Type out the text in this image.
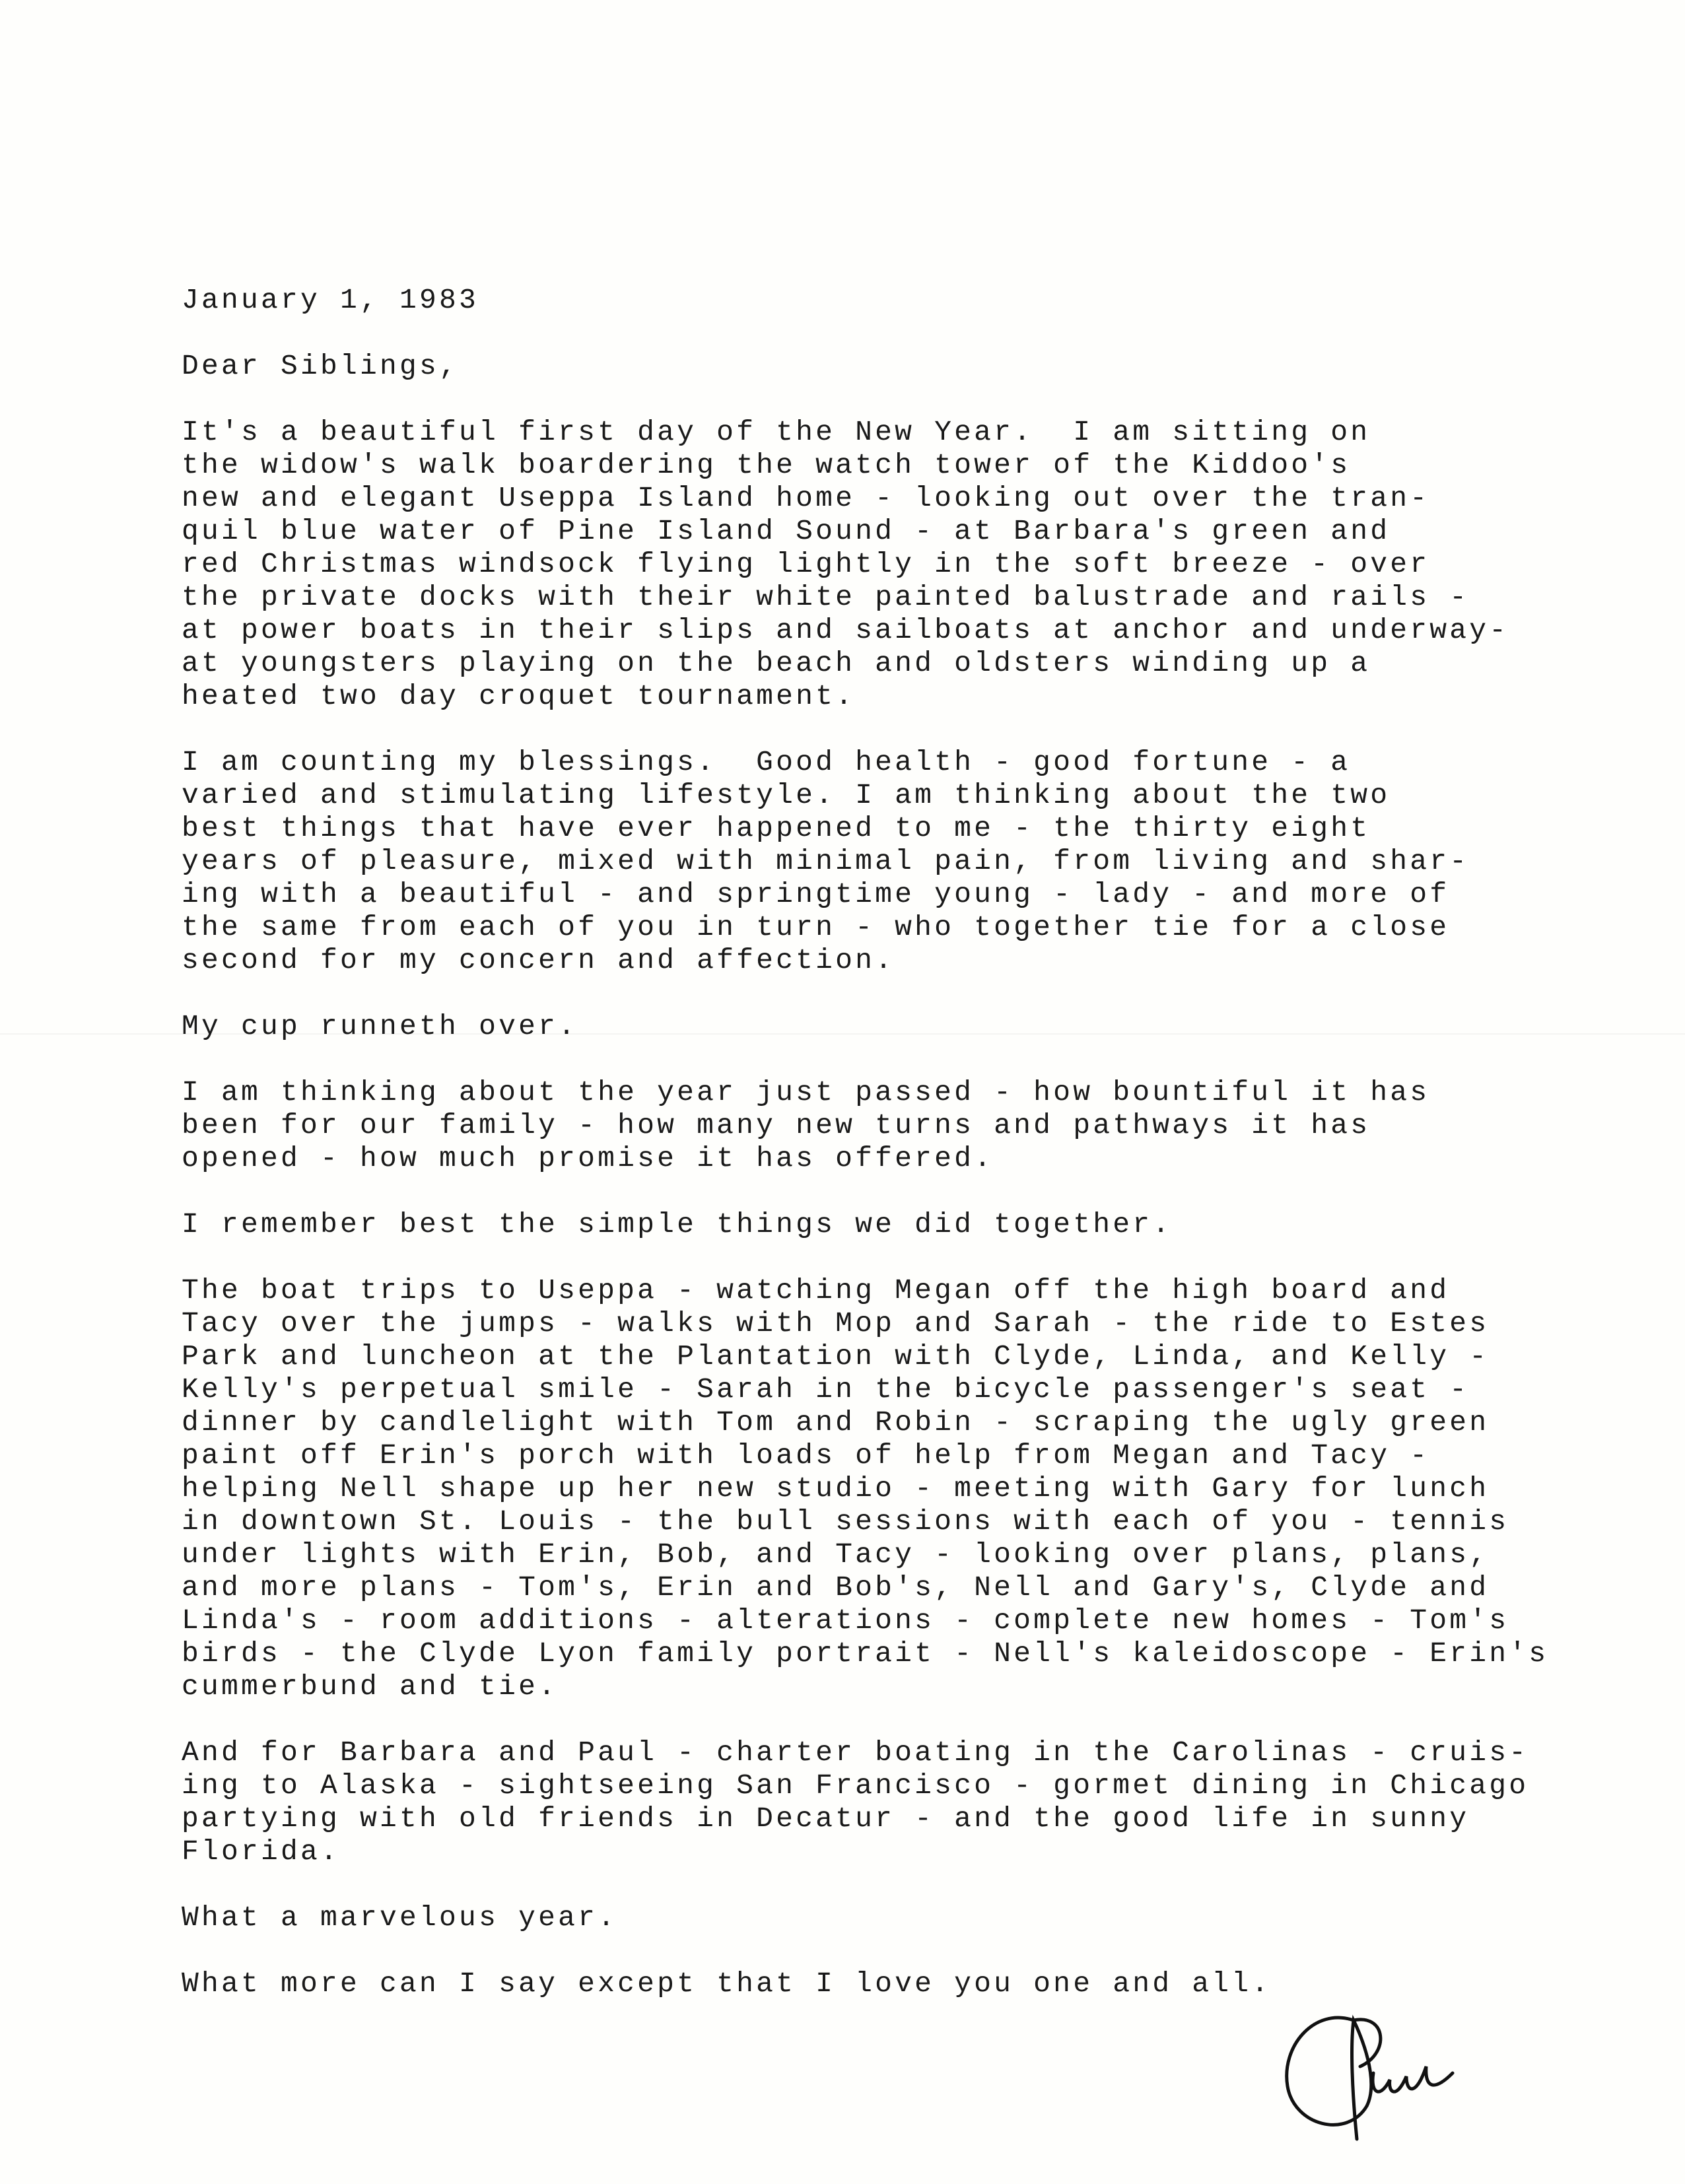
January 1, 1983
Dear Siblings,
It's a beautiful first day of the New Year.  I am sitting on
the widow's walk boardering the watch tower of the Kiddoo's
new and elegant Useppa Island home - looking out over the tran-
quil blue water of Pine Island Sound - at Barbara's green and
red Christmas windsock flying lightly in the soft breeze - over
the private docks with their white painted balustrade and rails -
at power boats in their slips and sailboats at anchor and underway-
at youngsters playing on the beach and oldsters winding up a
heated two day croquet tournament.
I am counting my blessings.  Good health - good fortune - a
varied and stimulating lifestyle. I am thinking about the two
best things that have ever happened to me - the thirty eight
years of pleasure, mixed with minimal pain, from living and shar-
ing with a beautiful - and springtime young - lady - and more of
the same from each of you in turn - who together tie for a close
second for my concern and affection.
My cup runneth over.
I am thinking about the year just passed - how bountiful it has
been for our family - how many new turns and pathways it has
opened - how much promise it has offered.
I remember best the simple things we did together.
The boat trips to Useppa - watching Megan off the high board and
Tacy over the jumps - walks with Mop and Sarah - the ride to Estes
Park and luncheon at the Plantation with Clyde, Linda, and Kelly -
Kelly's perpetual smile - Sarah in the bicycle passenger's seat -
dinner by candlelight with Tom and Robin - scraping the ugly green
paint off Erin's porch with loads of help from Megan and Tacy -
helping Nell shape up her new studio - meeting with Gary for lunch
in downtown St. Louis - the bull sessions with each of you - tennis
under lights with Erin, Bob, and Tacy - looking over plans, plans,
and more plans - Tom's, Erin and Bob's, Nell and Gary's, Clyde and
Linda's - room additions - alterations - complete new homes - Tom's
birds - the Clyde Lyon family portrait - Nell's kaleidoscope - Erin's
cummerbund and tie.
And for Barbara and Paul - charter boating in the Carolinas - cruis-
ing to Alaska - sightseeing San Francisco - gormet dining in Chicago
partying with old friends in Decatur - and the good life in sunny
Florida.
What a marvelous year.
What more can I say except that I love you one and all.
